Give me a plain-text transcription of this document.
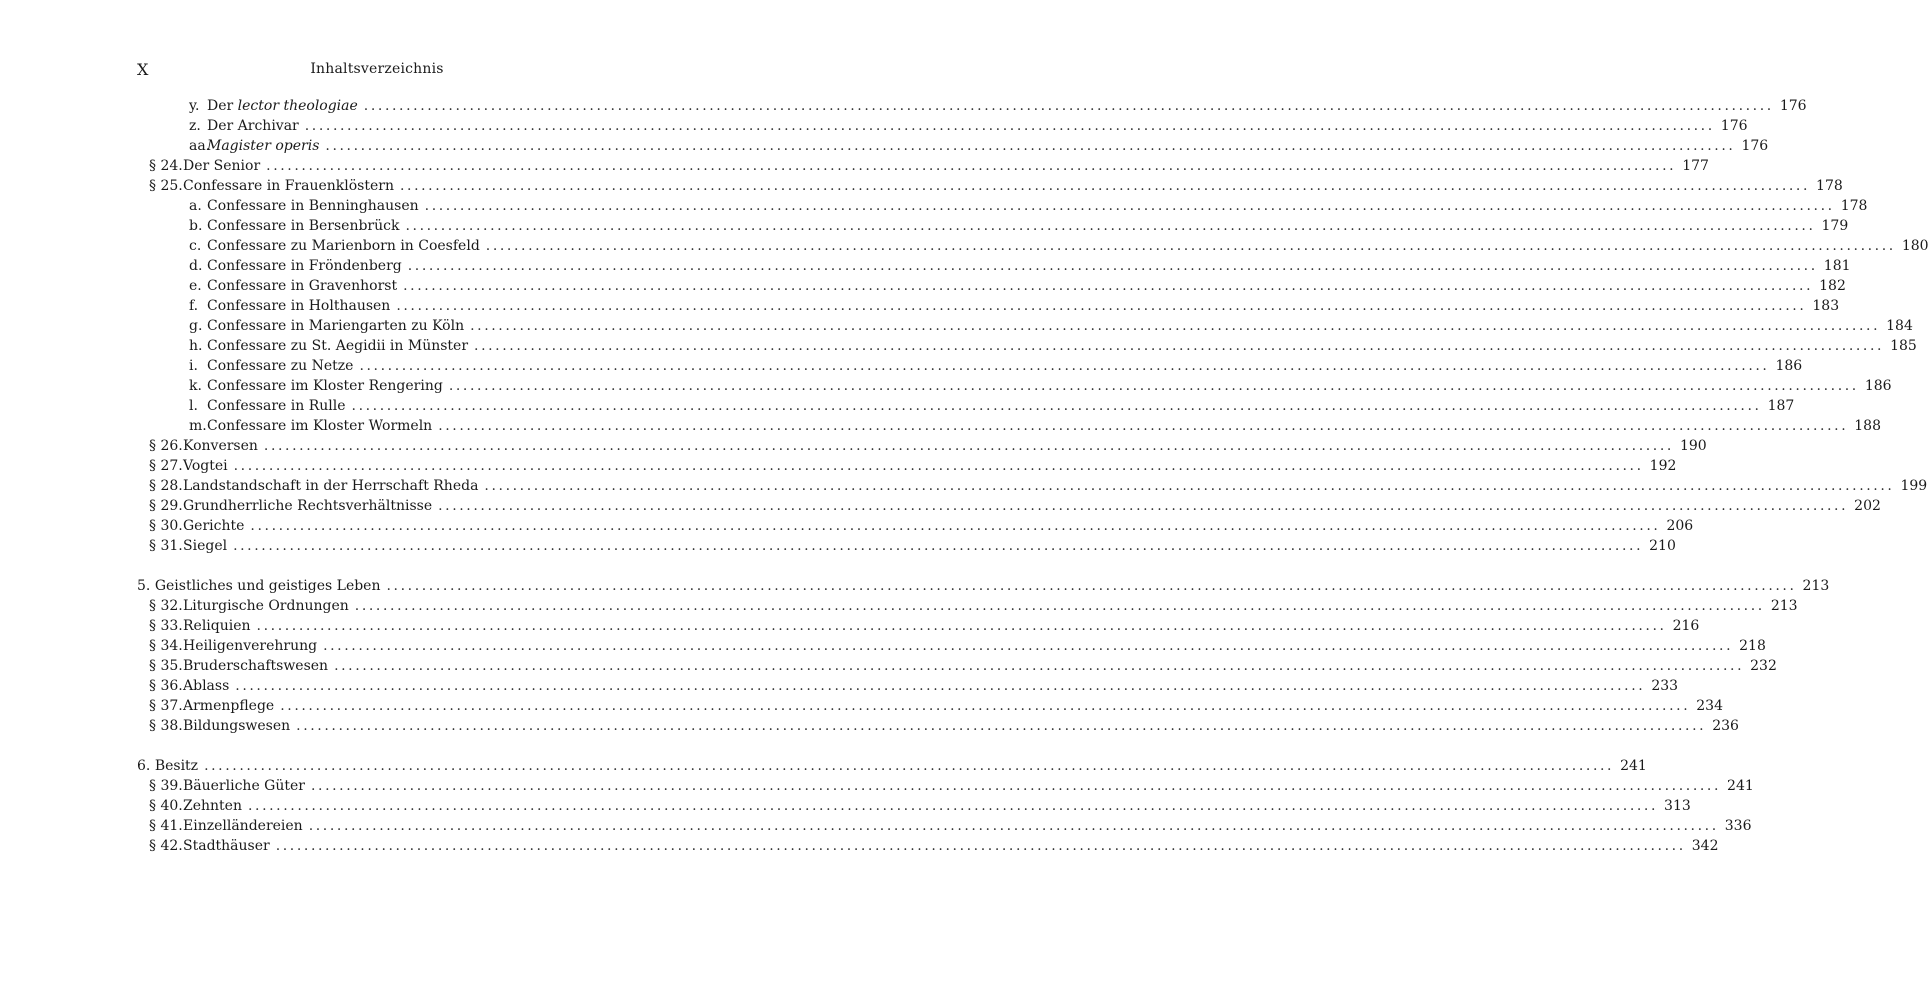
X	Inhaltsverzeichnis
y. Der lector theologiae ........................................................................................................................................................................................................ 176
z. Der Archivar ........................................................................................................................................................................................................ 176
aa.
Magister operis ........................................................................................................................................................................................................ 176
§ 24. Der Senior ........................................................................................................................................................................................................ 177
§ 25. Confessare in Frauenklöstern ........................................................................................................................................................................................................ 178
a. Confessare in Benninghausen ........................................................................................................................................................................................................ 178
b. Confessare in Bersenbrück ........................................................................................................................................................................................................ 179
c. Confessare zu Marienborn in Coesfeld ........................................................................................................................................................................................................ 180
d. Confessare in Fröndenberg ........................................................................................................................................................................................................ 181
e. Confessare in Gravenhorst ........................................................................................................................................................................................................ 182
f. Confessare in Holthausen ........................................................................................................................................................................................................ 183
g. Confessare in Mariengarten zu Köln ........................................................................................................................................................................................................ 184
h. Confessare zu St. Aegidii in Münster ........................................................................................................................................................................................................ 185
i. Confessare zu Netze ........................................................................................................................................................................................................ 186
k. Confessare im Kloster Rengering ........................................................................................................................................................................................................ 186
l. Confessare in Rulle ........................................................................................................................................................................................................ 187
m. Confessare im Kloster Wormeln ........................................................................................................................................................................................................ 188
§ 26. Konversen ........................................................................................................................................................................................................ 190
§ 27. Vogtei ........................................................................................................................................................................................................ 192
§ 28. Landstandschaft in der Herrschaft Rheda ........................................................................................................................................................................................................ 199
§ 29. Grundherrliche Rechtsverhältnisse ........................................................................................................................................................................................................ 202
§ 30. Gerichte ........................................................................................................................................................................................................ 206
§ 31. Siegel ........................................................................................................................................................................................................ 210
5. Geistliches und geistiges Leben ........................................................................................................................................................................................................ 213
§ 32. Liturgische Ordnungen ........................................................................................................................................................................................................ 213
§ 33. Reliquien ........................................................................................................................................................................................................ 216
§ 34. Heiligenverehrung ........................................................................................................................................................................................................ 218
§ 35. Bruderschaftswesen ........................................................................................................................................................................................................ 232
§ 36. Ablass ........................................................................................................................................................................................................ 233
§ 37. Armenpflege ........................................................................................................................................................................................................ 234
§ 38. Bildungswesen ........................................................................................................................................................................................................ 236
6. Besitz ........................................................................................................................................................................................................ 241
§ 39. Bäuerliche Güter ........................................................................................................................................................................................................ 241
§ 40. Zehnten ........................................................................................................................................................................................................ 313
§ 41. Einzelländereien ........................................................................................................................................................................................................ 336
§ 42. Stadthäuser ........................................................................................................................................................................................................ 342
